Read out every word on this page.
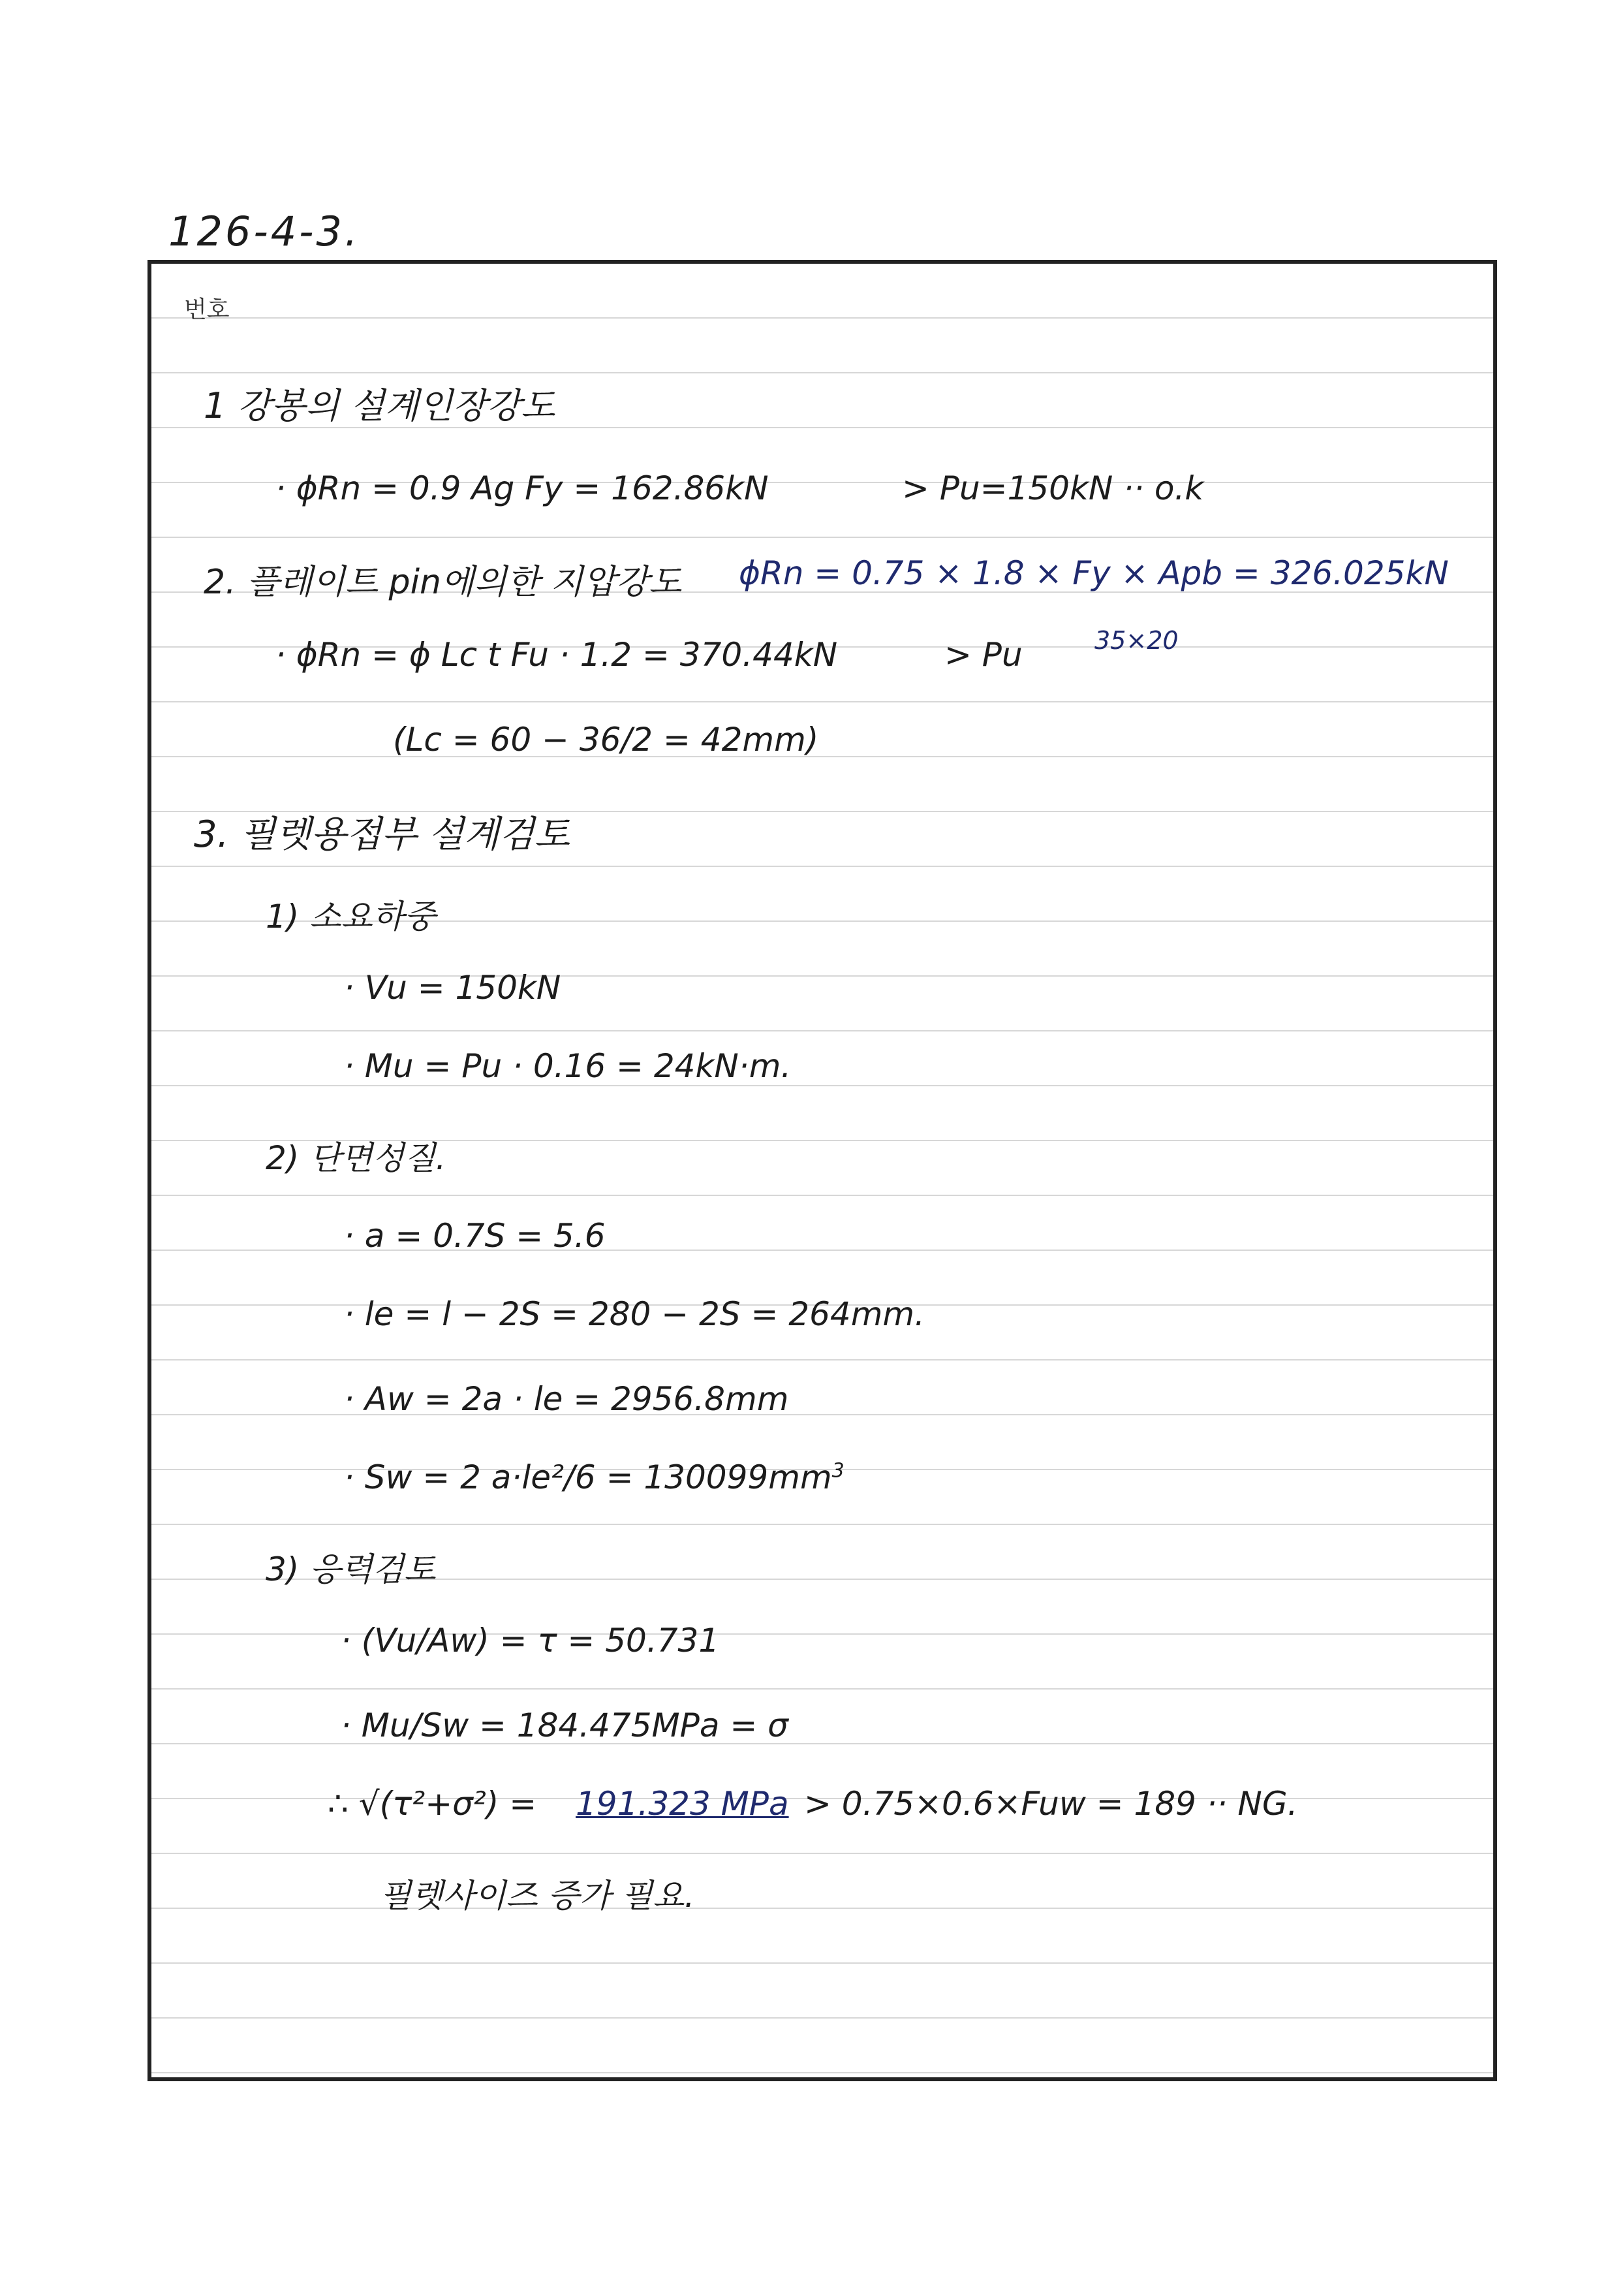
126-4-3.
번호
1 강봉의 설계인장강도
· ϕRn = 0.9 Ag Fy = 162.86kN	> Pu=150kN ·· o.k
2. 플레이트 pin에의한 지압강도 ϕRn = 0.75 × 1.8 × Fy × Apb = 326.025kN
35×20
· ϕRn = ϕ Lc t Fu · 1.2 = 370.44kN	> Pu
(Lc = 60 − 36/2 = 42mm)
3. 필렛용접부 설계검토
1) 소요하중
· Vu = 150kN
· Mu = Pu · 0.16 = 24kN·m.
2) 단면성질.
· a = 0.7S = 5.6
· le = l − 2S = 280 − 2S = 264mm.
· Aw = 2a · le = 2956.8mm
· Sw = 2 $a\cdot le^2/6 = 130099mm^3$
3) 응력검토
· (Vu/Aw) = τ = 50.731
· Mu/Sw = 184.475MPa = σ
∴ √(τ²+σ²) = 191.323 MPa > 0.75×0.6×Fuw = 189 ·· NG.
필렛사이즈 증가 필요.
